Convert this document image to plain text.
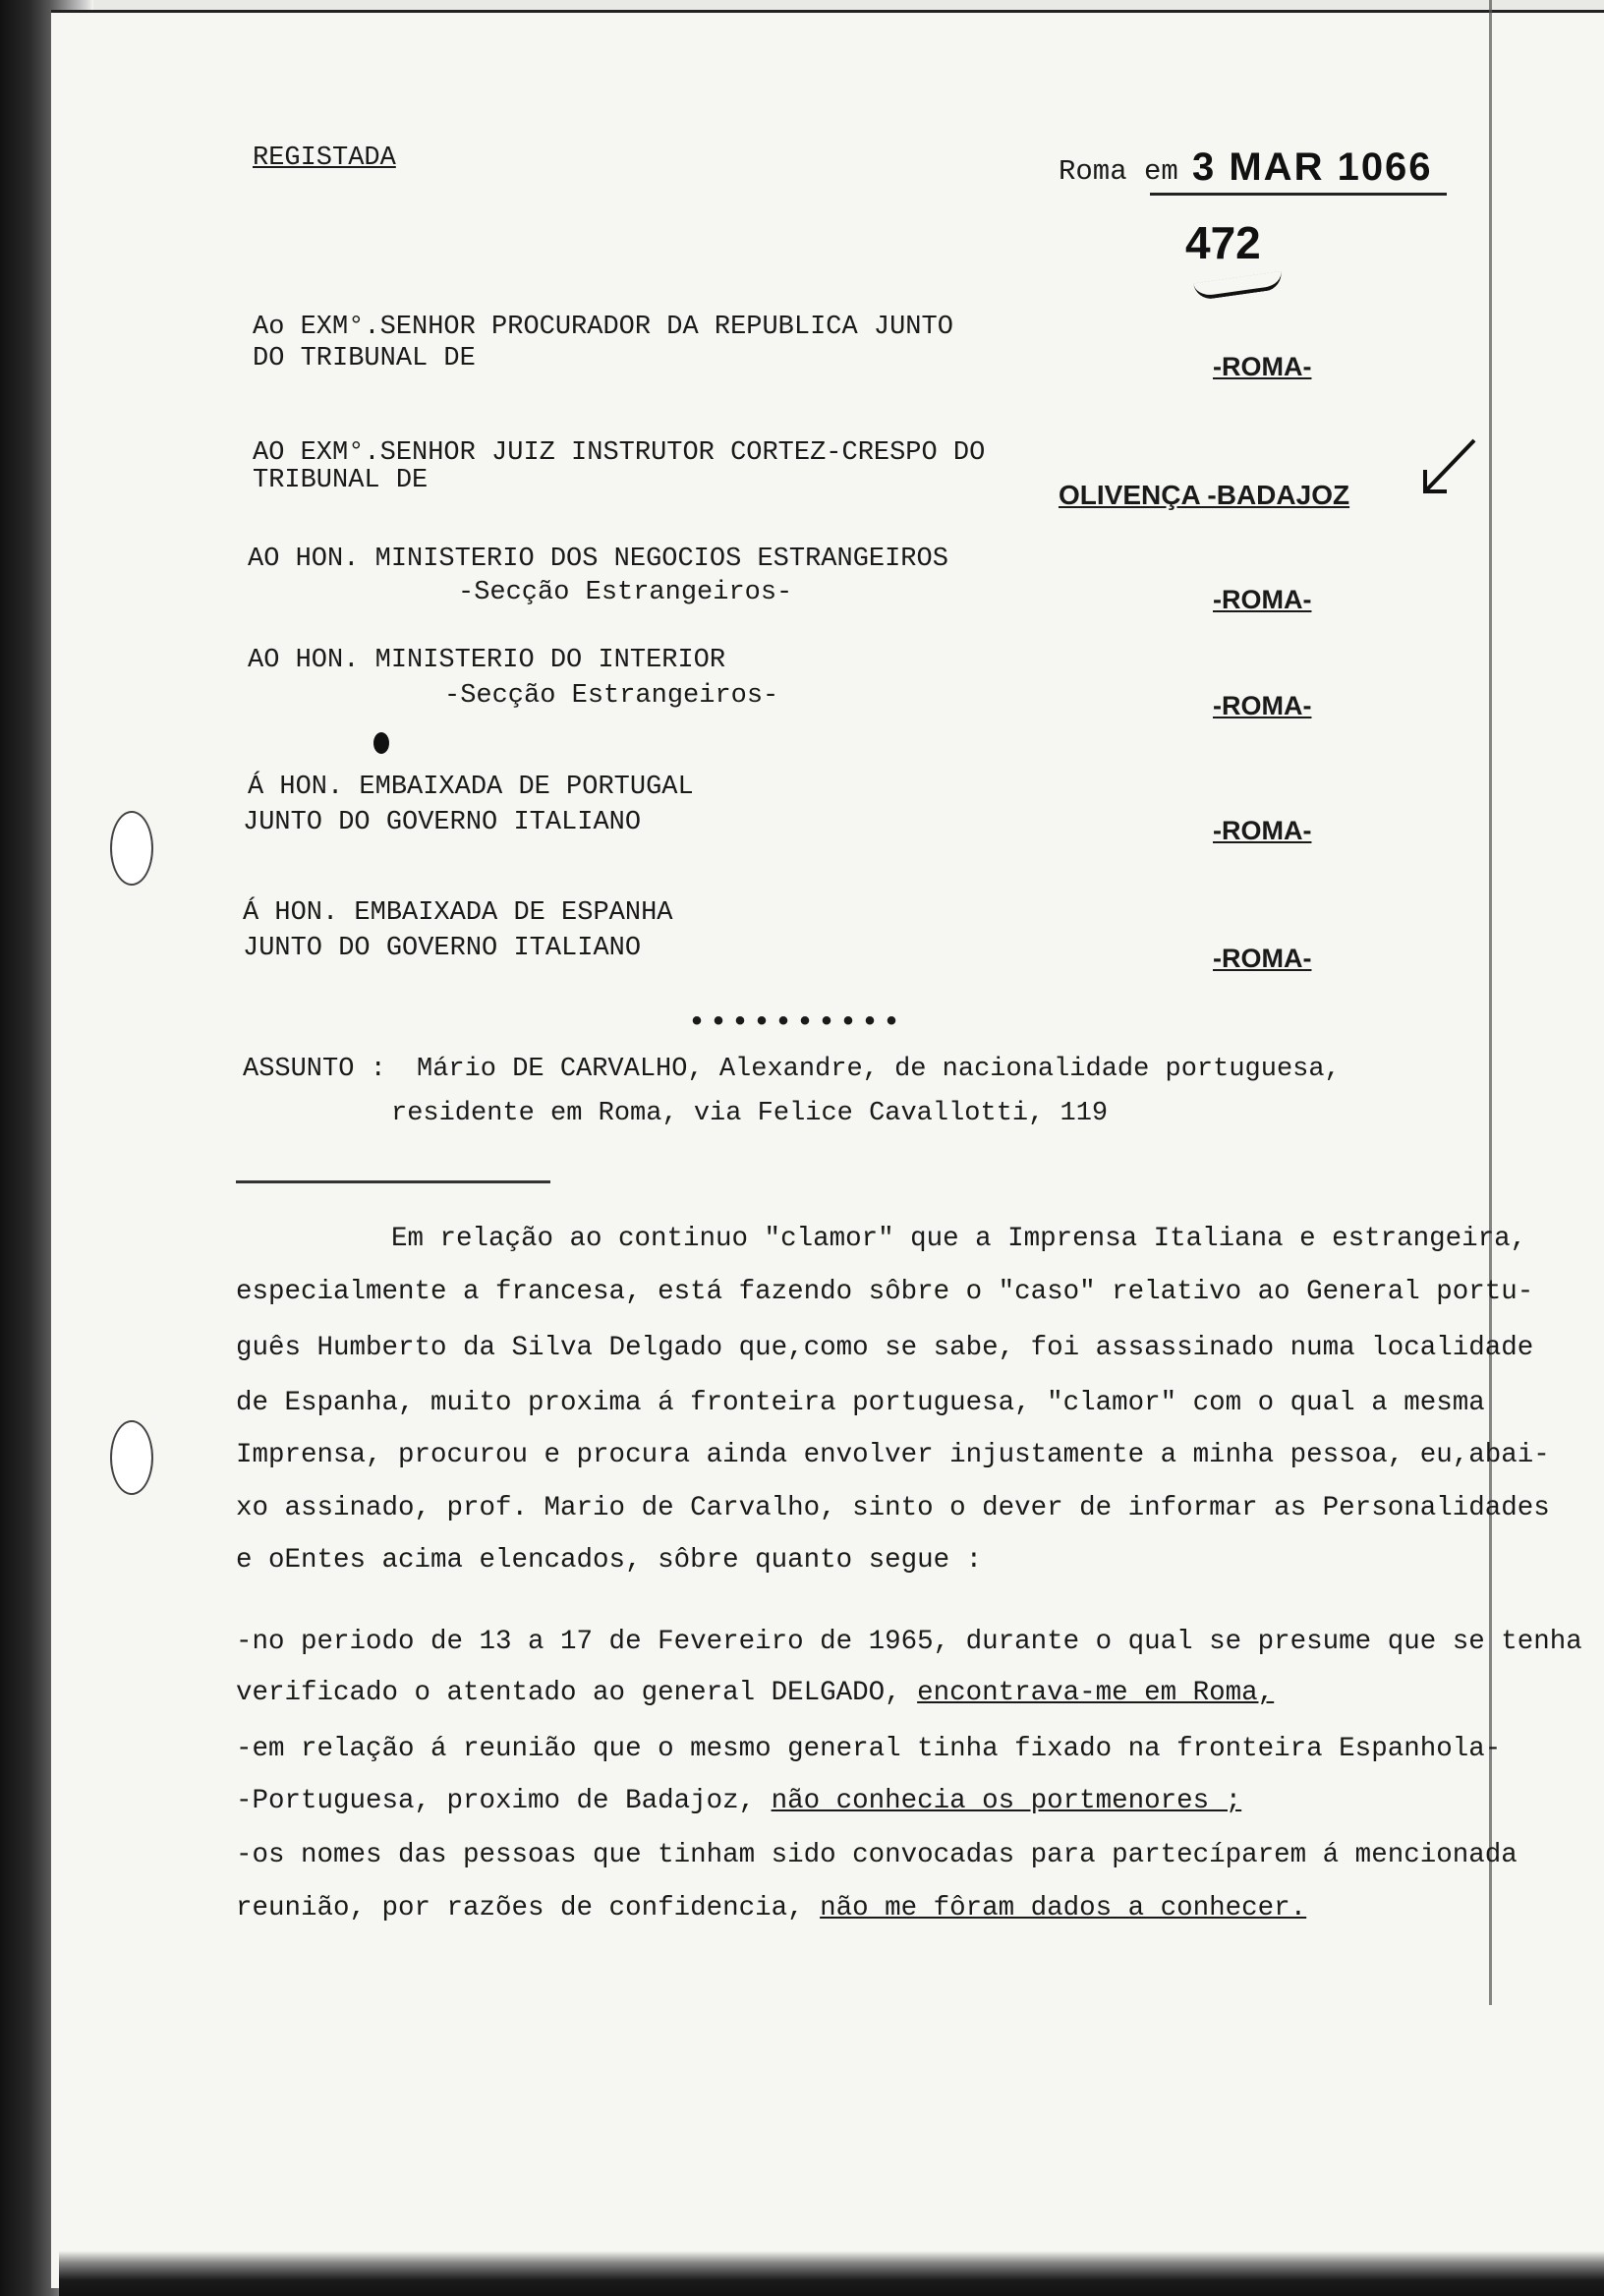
REGISTADA	Roma em 3 MAR 1066
472
Ao EXM°.SENHOR PROCURADOR DA REPUBLICA JUNTO
DO TRIBUNAL DE	-ROMA-
AO EXM°.SENHOR JUIZ INSTRUTOR CORTEZ-CRESPO DO
TRIBUNAL DE	OLIVENÇA -BADAJOZ
AO HON. MINISTERIO DOS NEGOCIOS ESTRANGEIROS
-Secção Estrangeiros-	-ROMA-
AO HON. MINISTERIO DO INTERIOR
-Secção Estrangeiros-	-ROMA-
Á HON. EMBAIXADA DE PORTUGAL
JUNTO DO GOVERNO ITALIANO	-ROMA-
Á HON. EMBAIXADA DE ESPANHA
JUNTO DO GOVERNO ITALIANO	-ROMA-
••••••••••
ASSUNTO : Mário DE CARVALHO, Alexandre, de nacionalidade portuguesa,
residente em Roma, via Felice Cavallotti, 119
Em relação ao continuo "clamor" que a Imprensa Italiana e estrangeira,
especialmente a francesa, está fazendo sôbre o "caso" relativo ao General portu-
guês Humberto da Silva Delgado que,como se sabe, foi assassinado numa localidade
de Espanha, muito proxima á fronteira portuguesa, "clamor" com o qual a mesma
Imprensa, procurou e procura ainda envolver injustamente a minha pessoa, eu,abai-
xo assinado, prof. Mario de Carvalho, sinto o dever de informar as Personalidades
e oEntes acima elencados, sôbre quanto segue :
-no periodo de 13 a 17 de Fevereiro de 1965, durante o qual se presume que se tenha
verificado o atentado ao general DELGADO, encontrava-me em Roma,
-em relação á reunião que o mesmo general tinha fixado na fronteira Espanhola-
-Portuguesa, proximo de Badajoz, não conhecia os portmenores ;
-os nomes das pessoas que tinham sido convocadas para partecíparem á mencionada
reunião, por razões de confidencia, não me fôram dados a conhecer.
